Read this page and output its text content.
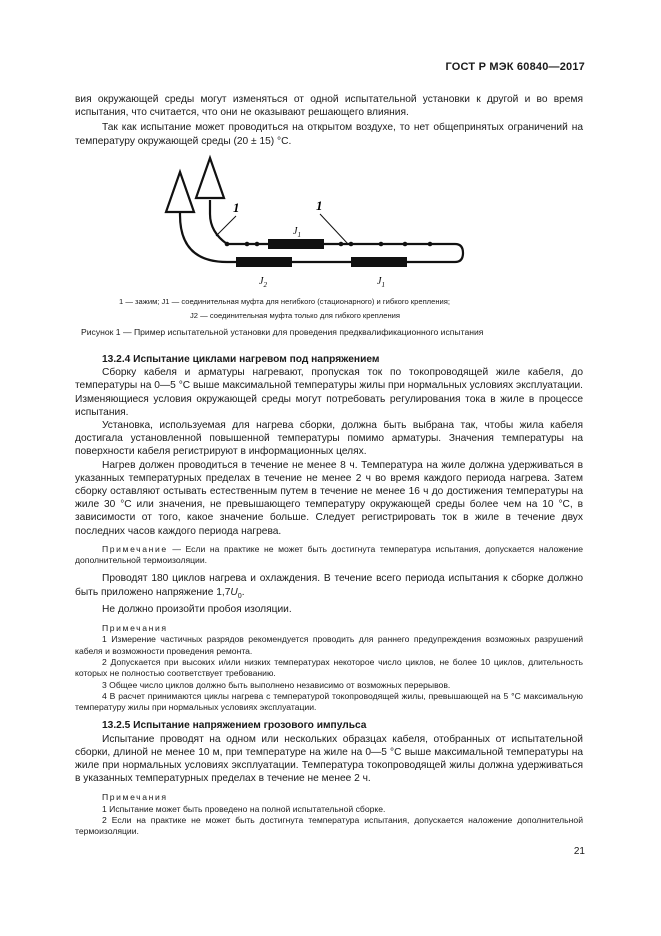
ГОСТ Р МЭК 60840—2017

вия окружающей среды могут изменяться от одной испытательной установки к другой и во время испытания, что считается, что они не оказывают решающего влияния.

Так как испытание может проводиться на открытом воздухе, то нет общепринятых ограничений на температуру окружающей среды (20 ± 15) °С.

1	1
$J_1$
$J_2$	$J_1$
1 — зажим; J1 — соединительная муфта для негибкого (стационарного) и гибкого крепления;
J2 — соединительная муфта только для гибкого крепления
Рисунок 1 — Пример испытательной установки для проведения предквалификационного испытания

13.2.4 Испытание циклами нагревом под напряжением

Сборку кабеля и арматуры нагревают, пропуская ток по токопроводящей жиле кабеля, до температуры на 0—5 °С выше максимальной температуры жилы при нормальных условиях эксплуатации. Изменяющиеся условия окружающей среды могут потребовать регулирования тока в жиле в процессе испытания.

Установка, используемая для нагрева сборки, должна быть выбрана так, чтобы жила кабеля достигала установленной повышенной температуры помимо арматуры. Значения температуры на поверхности кабеля регистрируют в информационных целях.

Нагрев должен проводиться в течение не менее 8 ч. Температура на жиле должна удерживаться в указанных температурных пределах в течение не менее 2 ч во время каждого периода нагрева. Затем сборку оставляют остывать естественным путем в течение не менее 16 ч до достижения температуры на жиле 30 °С или значения, не превышающего температуру окружающей среды более чем на 10 °С, в зависимости от того, какое значение больше. Следует регистрировать ток в жиле в течение двух последних часов каждого периода нагрева.

Примечание — Если на практике не может быть достигнута температура испытания, допускается наложение дополнительной термоизоляции.

Проводят 180 циклов нагрева и охлаждения. В течение всего периода испытания к сборке должно быть приложено напряжение $1,7U_0$.

Не должно произойти пробоя изоляции.

Примечания

1 Измерение частичных разрядов рекомендуется проводить для раннего предупреждения возможных разрушений кабеля и возможности проведения ремонта.

2 Допускается при высоких и/или низких температурах некоторое число циклов, не более 10 циклов, длительность которых не полностью соответствует требованию.

3 Общее число циклов должно быть выполнено независимо от возможных перерывов.

4 В расчет принимаются циклы нагрева с температурой токопроводящей жилы, превышающей на 5 °С максимальную температуру жилы при нормальных условиях эксплуатации.

13.2.5 Испытание напряжением грозового импульса

Испытание проводят на одном или нескольких образцах кабеля, отобранных от испытательной сборки, длиной не менее 10 м, при температуре на жиле на 0—5 °С выше максимальной температуры на жиле при нормальных условиях эксплуатации. Температура токопроводящей жилы должна удерживаться в указанных температурных пределах в течение не менее 2 ч.

Примечания

1 Испытание может быть проведено на полной испытательной сборке.

2 Если на практике не может быть достигнута температура испытания, допускается наложение дополнительной термоизоляции.

21
